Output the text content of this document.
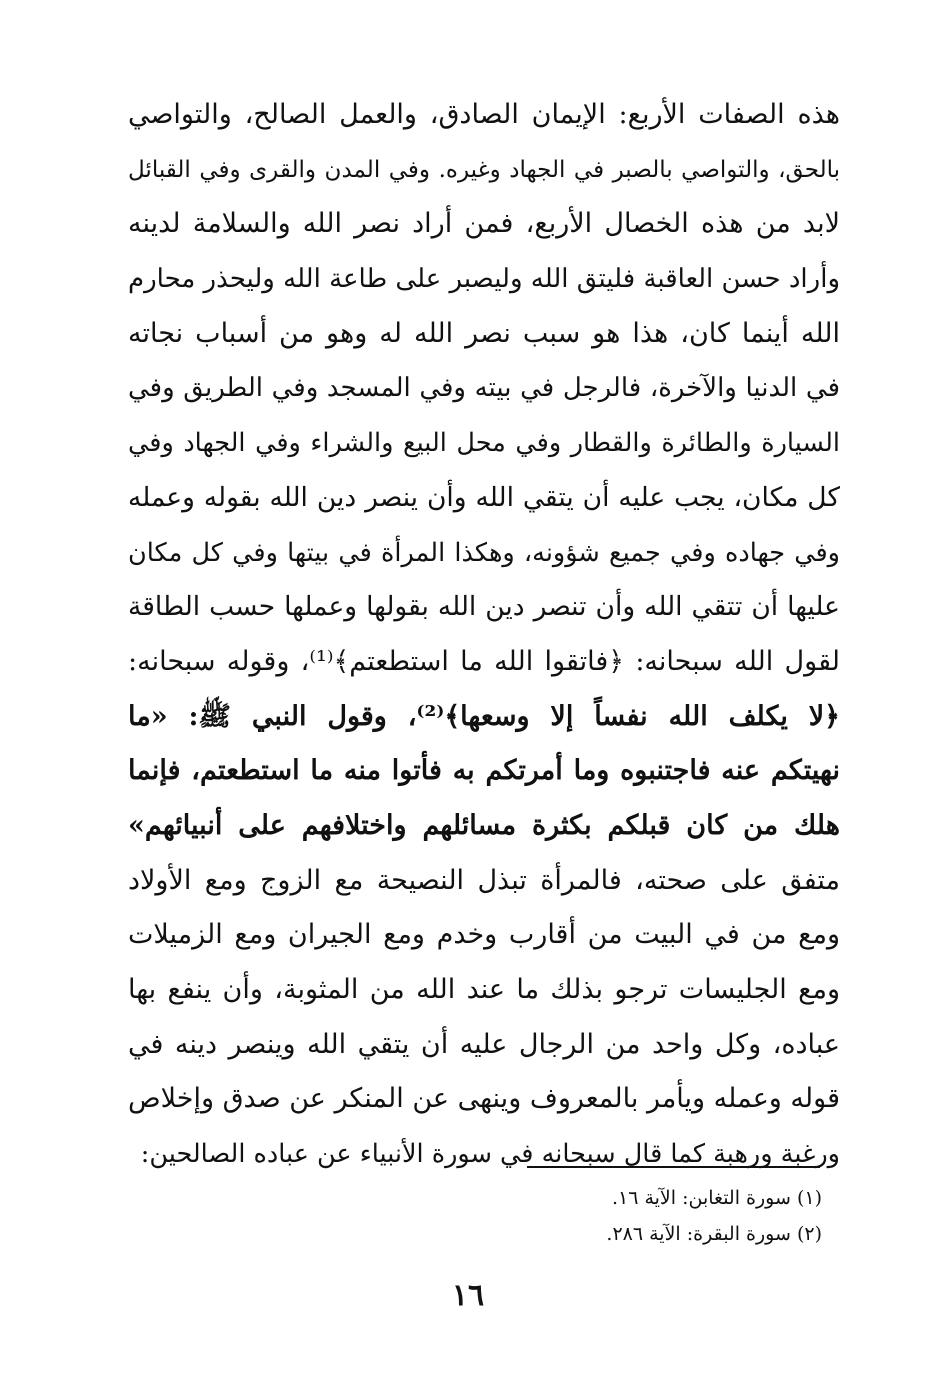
هذه الصفات الأربع: الإيمان الصادق، والعمل الصالح، والتواصي
بالحق، والتواصي بالصبر في الجهاد وغيره. وفي المدن والقرى وفي القبائل
لابد من هذه الخصال الأربع، فمن أراد نصر الله والسلامة لدينه
وأراد حسن العاقبة فليتق الله وليصبر على طاعة الله وليحذر محارم
الله أينما كان، هذا هو سبب نصر الله له وهو من أسباب نجاته
في الدنيا والآخرة، فالرجل في بيته وفي المسجد وفي الطريق وفي
السيارة والطائرة والقطار وفي محل البيع والشراء وفي الجهاد وفي
كل مكان، يجب عليه أن يتقي الله وأن ينصر دين الله بقوله وعمله
وفي جهاده وفي جميع شؤونه، وهكذا المرأة في بيتها وفي كل مكان
عليها أن تتقي الله وأن تنصر دين الله بقولها وعملها حسب الطاقة
لقول الله سبحانه: ﴿فاتقوا الله ما استطعتم﴾⁽¹⁾، وقوله سبحانه:
﴿لا يكلف الله نفساً إلا وسعها﴾⁽²⁾، وقول النبي ﷺ: «ما
نهيتكم عنه فاجتنبوه وما أمرتكم به فأتوا منه ما استطعتم، فإنما
هلك من كان قبلكم بكثرة مسائلهم واختلافهم على أنبيائهم»
متفق على صحته، فالمرأة تبذل النصيحة مع الزوج ومع الأولاد
ومع من في البيت من أقارب وخدم ومع الجيران ومع الزميلات
ومع الجليسات ترجو بذلك ما عند الله من المثوبة، وأن ينفع بها
عباده، وكل واحد من الرجال عليه أن يتقي الله وينصر دينه في
قوله وعمله ويأمر بالمعروف وينهى عن المنكر عن صدق وإخلاص
ورغبة ورهبة كما قال سبحانه في سورة الأنبياء عن عباده الصالحين:
(١) سورة التغابن: الآية ١٦.
(٢) سورة البقرة: الآية ٢٨٦.
١٦
